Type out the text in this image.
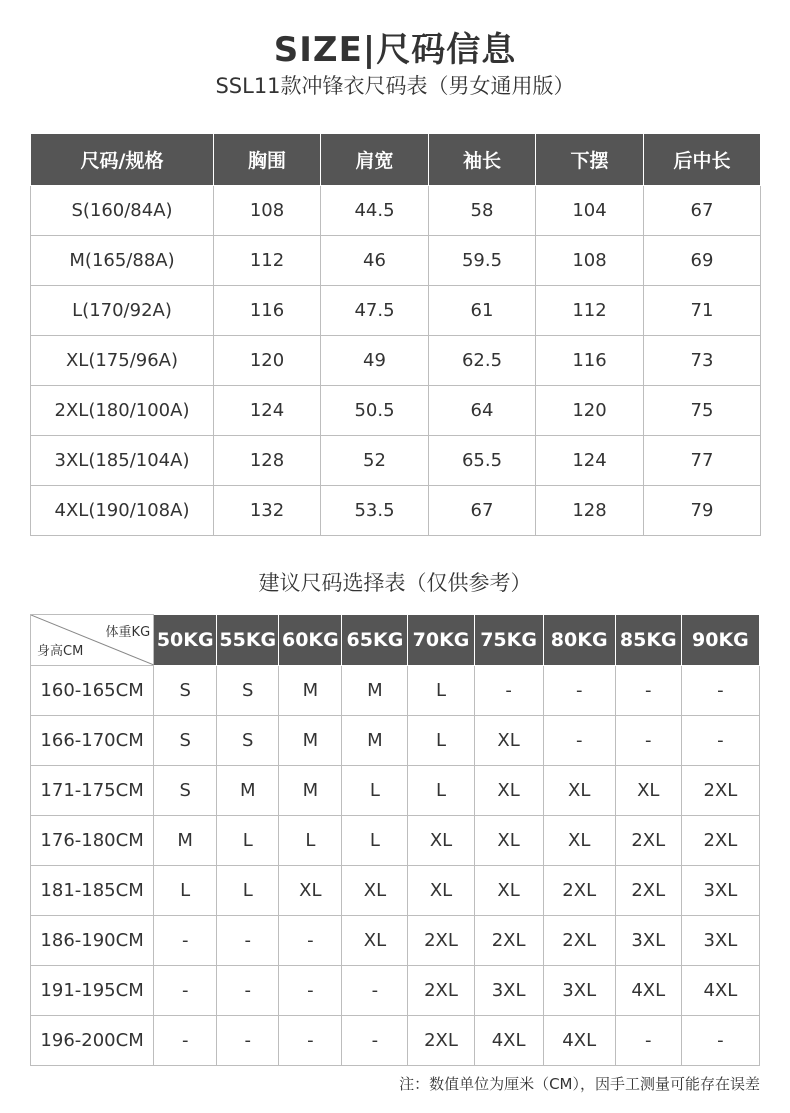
SIZE|尺码信息
SSL11款冲锋衣尺码表（男女通用版）
尺码/规格	胸围	肩宽	袖长	下摆	后中长
S(160/84A)	108	44.5	58	104	67
M(165/88A)	112	46	59.5	108	69
L(170/92A)	116	47.5	61	112	71
XL(175/96A)	120	49	62.5	116	73
2XL(180/100A)	124	50.5	64	120	75
3XL(185/104A)	128	52	65.5	124	77
4XL(190/108A)	132	53.5	67	128	79
建议尺码选择表（仅供参考）
体重KG
身高CM	50KG	55KG	60KG	65KG	70KG	75KG	80KG	85KG	90KG
160-165CM	S	S	M	M	L	-	-	-	-
166-170CM	S	S	M	M	L	XL	-	-	-
171-175CM	S	M	M	L	L	XL	XL	XL	2XL
176-180CM	M	L	L	L	XL	XL	XL	2XL	2XL
181-185CM	L	L	XL	XL	XL	XL	2XL	2XL	3XL
186-190CM	-	-	-	XL	2XL	2XL	2XL	3XL	3XL
191-195CM	-	-	-	-	2XL	3XL	3XL	4XL	4XL
196-200CM	-	-	-	-	2XL	4XL	4XL	-	-
注：数值单位为厘米（CM），因手工测量可能存在误差
